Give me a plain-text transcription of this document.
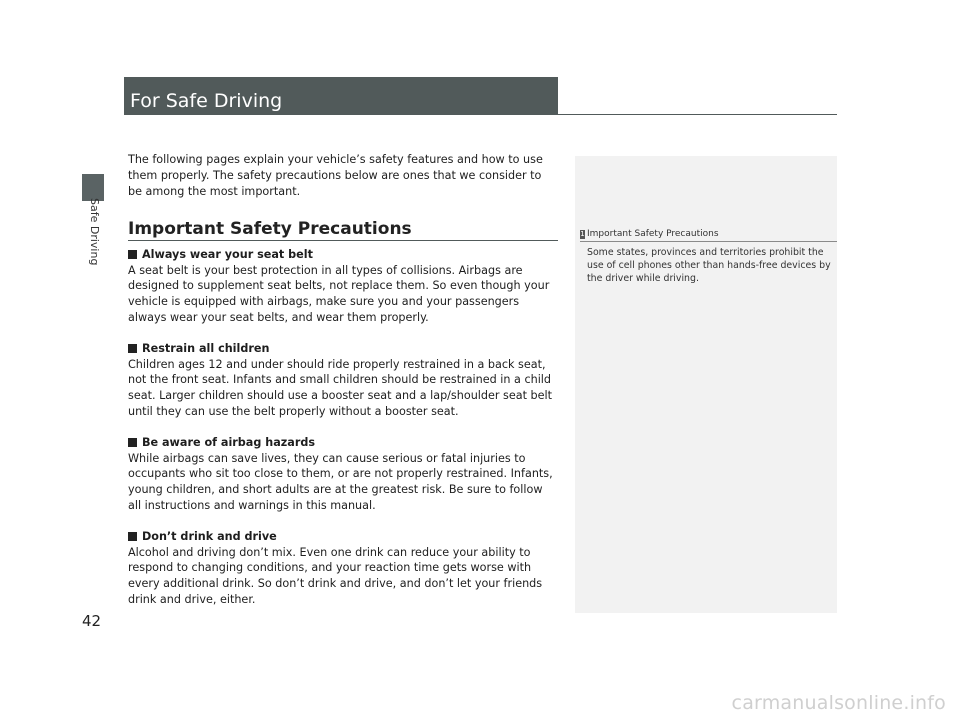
Safe Driving
42
For Safe Driving

The following pages explain your vehicle’s safety features and how to use them properly. The safety precautions below are ones that we consider to be among the most important.

Important Safety Precautions
Always wear your seat belt
A seat belt is your best protection in all types of collisions. Airbags are designed to supplement seat belts, not replace them. So even though your vehicle is equipped with airbags, make sure you and your passengers always wear your seat belts, and wear them properly.
Restrain all children
Children ages 12 and under should ride properly restrained in a back seat, not the front seat. Infants and small children should be restrained in a child seat. Larger children should use a booster seat and a lap/shoulder seat belt until they can use the belt properly without a booster seat.
Be aware of airbag hazards
While airbags can save lives, they can cause serious or fatal injuries to occupants who sit too close to them, or are not properly restrained. Infants, young children, and short adults are at the greatest risk. Be sure to follow all instructions and warnings in this manual.
Don’t drink and drive
Alcohol and driving don’t mix. Even one drink can reduce your ability to respond to changing conditions, and your reaction time gets worse with every additional drink. So don’t drink and drive, and don’t let your friends drink and drive, either.
1 Important Safety Precautions
Some states, provinces and territories prohibit the use of cell phones other than hands-free devices by the driver while driving.
carmanualsonline.info
